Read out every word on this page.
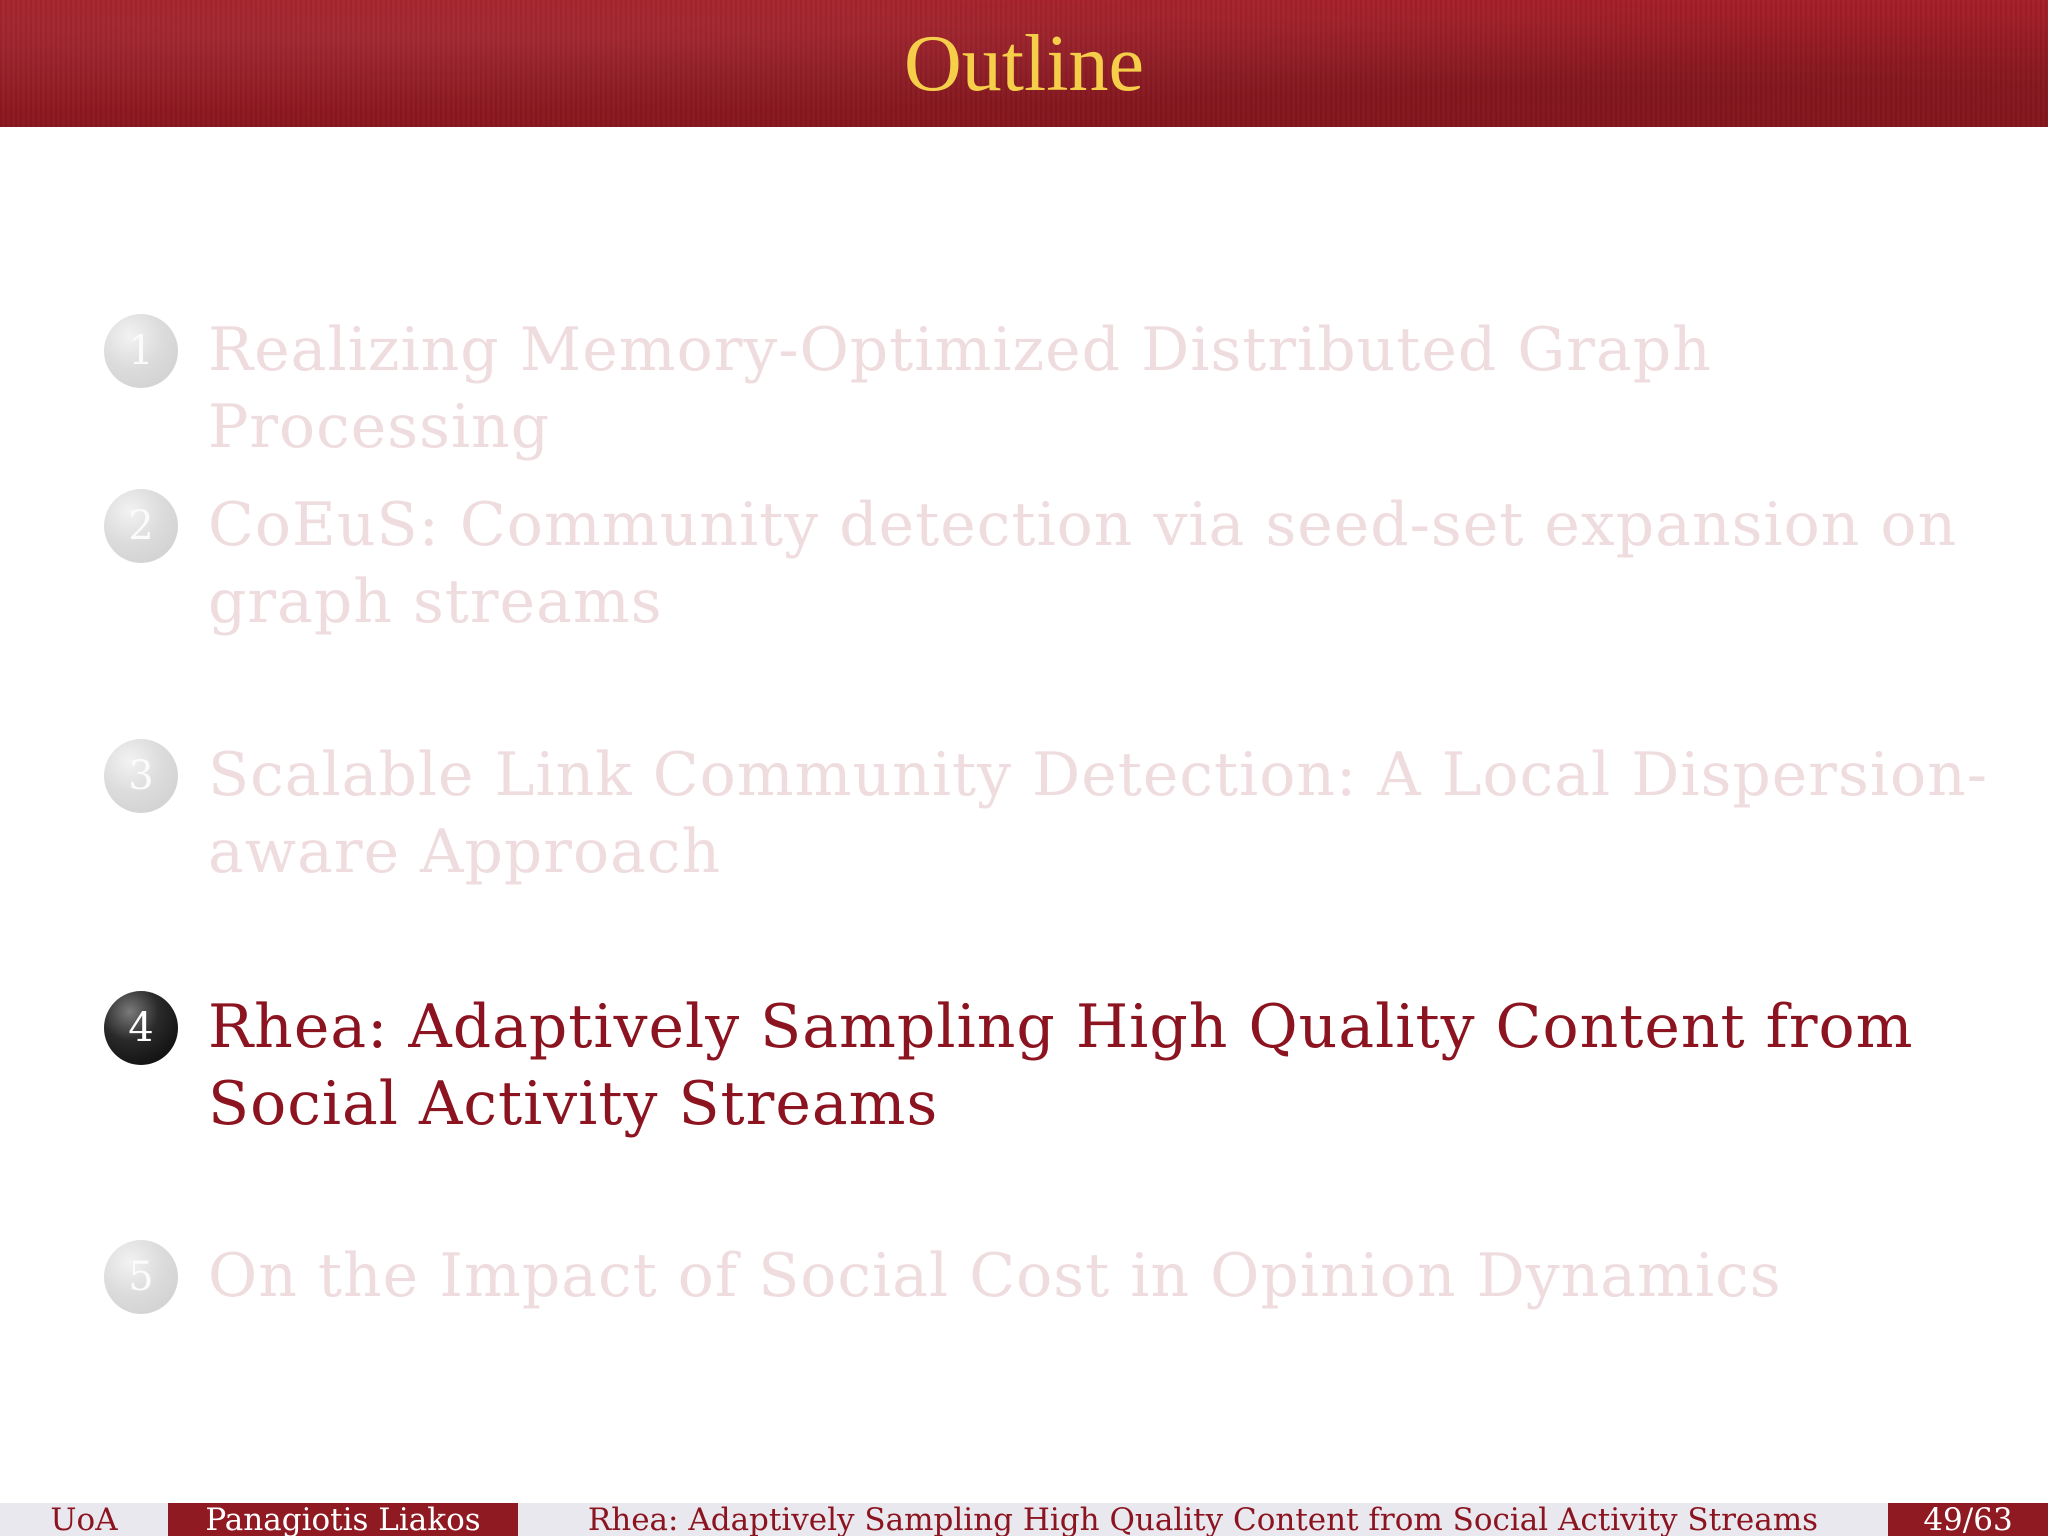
Outline
1 Realizing Memory-Optimized Distributed Graph Processing
2 CoEuS: Community detection via seed-set expansion on graph streams
3 Scalable Link Community Detection: A Local Dispersion-aware Approach
4 Rhea: Adaptively Sampling High Quality Content from Social Activity Streams
5 On the Impact of Social Cost in Opinion Dynamics
UoA	Panagiotis Liakos	Rhea: Adaptively Sampling High Quality Content from Social Activity Streams	49/63
